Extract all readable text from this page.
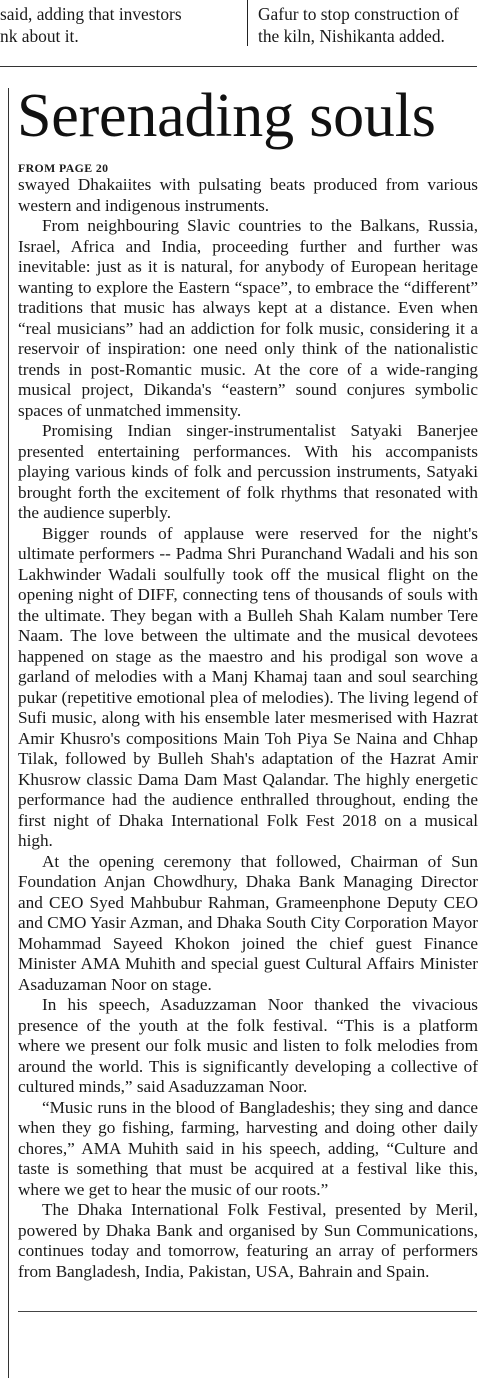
said, adding that investors
nk about it.
Gafur to stop construction of
the kiln, Nishikanta added.
Serenading souls
FROM PAGE 20

swayed Dhakaiites with pulsating beats produced from various western and indigenous instruments.

From neighbouring Slavic countries to the Balkans, Russia, Israel, Africa and India, proceeding further and further was inevitable: just as it is natural, for anybody of European heritage wanting to explore the Eastern “space”, to embrace the “different” traditions that music has always kept at a distance. Even when “real musicians” had an addiction for folk music, considering it a reservoir of inspiration: one need only think of the nationalistic trends in post-Romantic music. At the core of a wide-ranging musical project, Dikanda's “eastern” sound conjures symbolic spaces of unmatched immensity.

Promising Indian singer-instrumentalist Satyaki Banerjee presented entertaining performances. With his accompanists playing various kinds of folk and percussion instruments, Satyaki brought forth the excitement of folk rhythms that resonated with the audience superbly.

Bigger rounds of applause were reserved for the night's ultimate performers -- Padma Shri Puranchand Wadali and his son Lakhwinder Wadali soulfully took off the musical flight on the opening night of DIFF, connecting tens of thousands of souls with the ultimate. They began with a Bulleh Shah Kalam number Tere Naam. The love between the ultimate and the musical devotees happened on stage as the maestro and his prodigal son wove a garland of melodies with a Manj Khamaj taan and soul searching pukar (repetitive emotional plea of melodies). The living legend of Sufi music, along with his ensemble later mesmerised with Hazrat Amir Khusro's compositions Main Toh Piya Se Naina and Chhap Tilak, followed by Bulleh Shah's adaptation of the Hazrat Amir Khusrow classic Dama Dam Mast Qalandar. The highly energetic performance had the audience enthralled throughout, ending the first night of Dhaka International Folk Fest 2018 on a musical high.

At the opening ceremony that followed, Chairman of Sun Foundation Anjan Chowdhury, Dhaka Bank Managing Director and CEO Syed Mahbubur Rahman, Grameenphone Deputy CEO and CMO Yasir Azman, and Dhaka South City Corporation Mayor Mohammad Sayeed Khokon joined the chief guest Finance Minister AMA Muhith and special guest Cultural Affairs Minister Asaduzaman Noor on stage.

In his speech, Asaduzzaman Noor thanked the vivacious presence of the youth at the folk festival. “This is a platform where we present our folk music and listen to folk melodies from around the world. This is significantly developing a collective of cultured minds,” said Asaduzzaman Noor.

“Music runs in the blood of Bangladeshis; they sing and dance when they go fishing, farming, harvesting and doing other daily chores,” AMA Muhith said in his speech, adding, “Culture and taste is something that must be acquired at a festival like this, where we get to hear the music of our roots.”

The Dhaka International Folk Festival, presented by Meril, powered by Dhaka Bank and organised by Sun Communications, continues today and tomorrow, featuring an array of performers from Bangladesh, India, Pakistan, USA, Bahrain and Spain.
